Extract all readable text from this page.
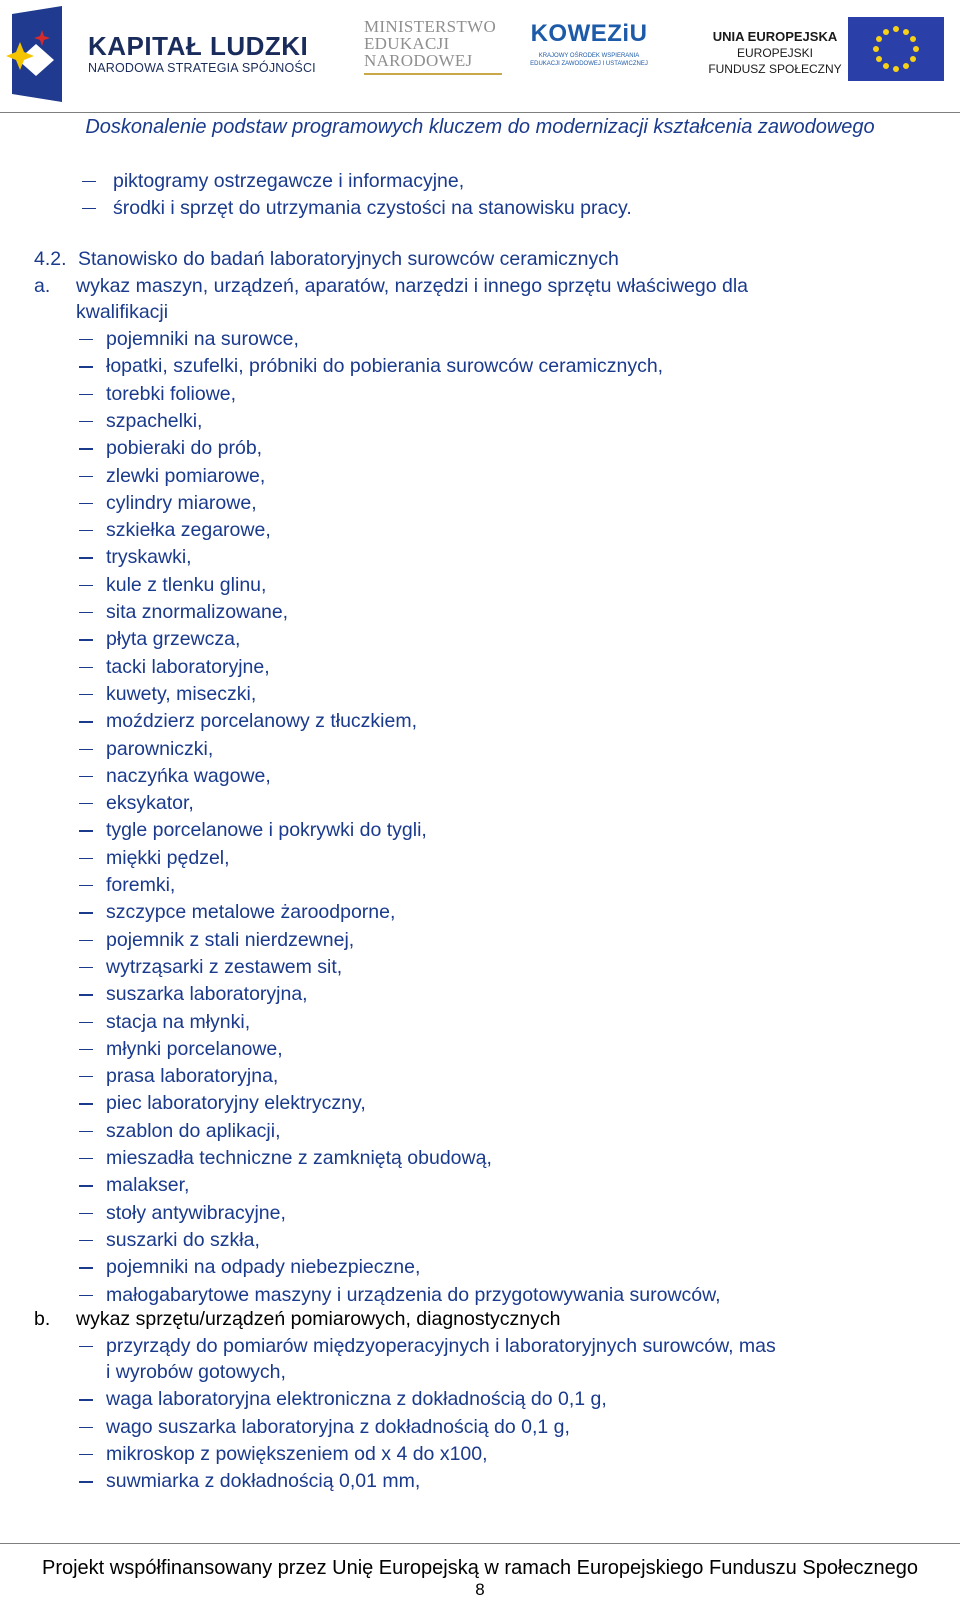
KAPITAŁ LUDZKI
NARODOWA STRATEGIA SPÓJNOŚCI
MINISTERSTWO
EDUKACJI
NARODOWEJ
KOWEZiU
KRAJOWY OŚRODEK WSPIERANIA
EDUKACJI ZAWODOWEJ I USTAWICZNEJ
UNIA EUROPEJSKA
EUROPEJSKI
FUNDUSZ SPOŁECZNY
Doskonalenie podstaw programowych kluczem do modernizacji kształcenia zawodowego
piktogramy ostrzegawcze i informacyjne,
środki i sprzęt do utrzymania czystości na stanowisku pracy.
4.2. Stanowisko do badań laboratoryjnych surowców ceramicznych
a. wykaz maszyn, urządzeń, aparatów, narzędzi i innego sprzętu właściwego dla
kwalifikacji
pojemniki na surowce,
łopatki, szufelki, próbniki do pobierania surowców ceramicznych,
torebki foliowe,
szpachelki,
pobieraki do prób,
zlewki pomiarowe,
cylindry miarowe,
szkiełka zegarowe,
tryskawki,
kule z tlenku glinu,
sita znormalizowane,
płyta grzewcza,
tacki laboratoryjne,
kuwety, miseczki,
moździerz porcelanowy z tłuczkiem,
parowniczki,
naczyńka wagowe,
eksykator,
tygle porcelanowe i pokrywki do tygli,
miękki pędzel,
foremki,
szczypce metalowe żaroodporne,
pojemnik z stali nierdzewnej,
wytrząsarki z zestawem sit,
suszarka laboratoryjna,
stacja na młynki,
młynki porcelanowe,
prasa laboratoryjna,
piec laboratoryjny elektryczny,
szablon do aplikacji,
mieszadła techniczne z zamkniętą obudową,
malakser,
stoły antywibracyjne,
suszarki do szkła,
pojemniki na odpady niebezpieczne,
małogabarytowe maszyny i urządzenia do przygotowywania surowców,
b. wykaz sprzętu/urządzeń pomiarowych, diagnostycznych
przyrządy do pomiarów międzyoperacyjnych i laboratoryjnych surowców, mas
i wyrobów gotowych,
waga laboratoryjna elektroniczna z dokładnością do 0,1 g,
wago suszarka laboratoryjna z dokładnością do 0,1 g,
mikroskop z powiększeniem od x 4 do x100,
suwmiarka z dokładnością 0,01 mm,
Projekt współfinansowany przez Unię Europejską w ramach Europejskiego Funduszu Społecznego
8
